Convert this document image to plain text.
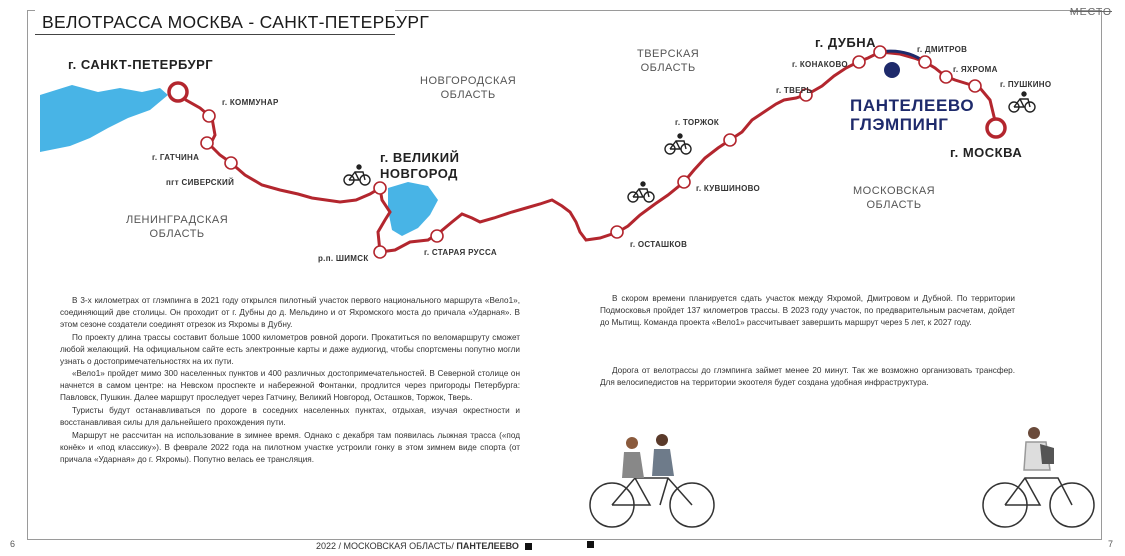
ВЕЛОТРАССА МОСКВА - САНКТ-ПЕТЕРБУРГ	МЕСТО
НОВГОРОДСКАЯ
ОБЛАСТЬ
ТВЕРСКАЯ
ОБЛАСТЬ
ЛЕНИНГРАДСКАЯ
ОБЛАСТЬ
МОСКОВСКАЯ
ОБЛАСТЬ
г. САНКТ-ПЕТЕРБУРГ
г. КОММУНАР
г. ГАТЧИНА
пгт СИВЕРСКИЙ
г. ВЕЛИКИЙ
НОВГОРОД
р.п. ШИМСК
г. СТАРАЯ РУССА
г. ОСТАШКОВ
г. КУВШИНОВО
г. ТОРЖОК
г. ТВЕРЬ
г. КОНАКОВО
г. ДУБНА	г. ДМИТРОВ
г. ЯХРОМА
г. ПУШКИНО
г. МОСКВА
ПАНТЕЛЕЕВО
ГЛЭМПИНГ

В 3-х километрах от глэмпинга в 2021 году открылся пилотный участок первого национального маршрута «Вело1», соединяющий две столицы. Он проходит от г. Дубны до д. Мельдино и от Яхромского моста до причала «Ударная». В этом сезоне создатели соединят отрезок из Яхромы в Дубну.

По проекту длина трассы составит больше 1000 километров ровной дороги. Прокатиться по веломаршруту сможет любой желающий. На официальном сайте есть электронные карты и даже аудиогид, чтобы спортсмены попутно могли узнать о достопримечательностях на их пути.

«Вело1» пройдет мимо 300 населенных пунктов и 400 различных достопримечательностей. В Северной столице он начнется в самом центре: на Невском проспекте и набережной Фонтанки, продлится через пригороды Петербурга: Павловск, Пушкин. Далее маршрут проследует через Гатчину, Великий Новгород, Осташков, Торжок, Тверь.

Туристы будут останавливаться по дороге в соседних населенных пунктах, отдыхая, изучая окрестности и восстанавливая силы для дальнейшего прохождения пути.

Маршрут не рассчитан на использование в зимнее время. Однако с декабря там появилась лыжная трасса («под конёк» и «под классику»). В феврале 2022 года на пилотном участке устроили гонку в этом зимнем виде спорта (от причала «Ударная» до г. Яхромы). Попутно велась ее трансляция.

В скором времени планируется сдать участок между Яхромой, Дмитровом и Дубной. По территории Подмосковья пройдет 137 километров трассы. В 2023 году участок, по предварительным расчетам, дойдет до Мытищ. Команда проекта «Вело1» рассчитывает завершить маршрут через 5 лет, к 2027 году.

Дорога от велотрассы до глэмпинга займет менее 20 минут. Так же возможно организовать трансфер. Для велосипедистов на территории экоотеля будет создана удобная инфраструктура.

6	2022 / МОСКОВСКАЯ ОБЛАСТЬ/ ПАНТЕЛЕЕВО	7
